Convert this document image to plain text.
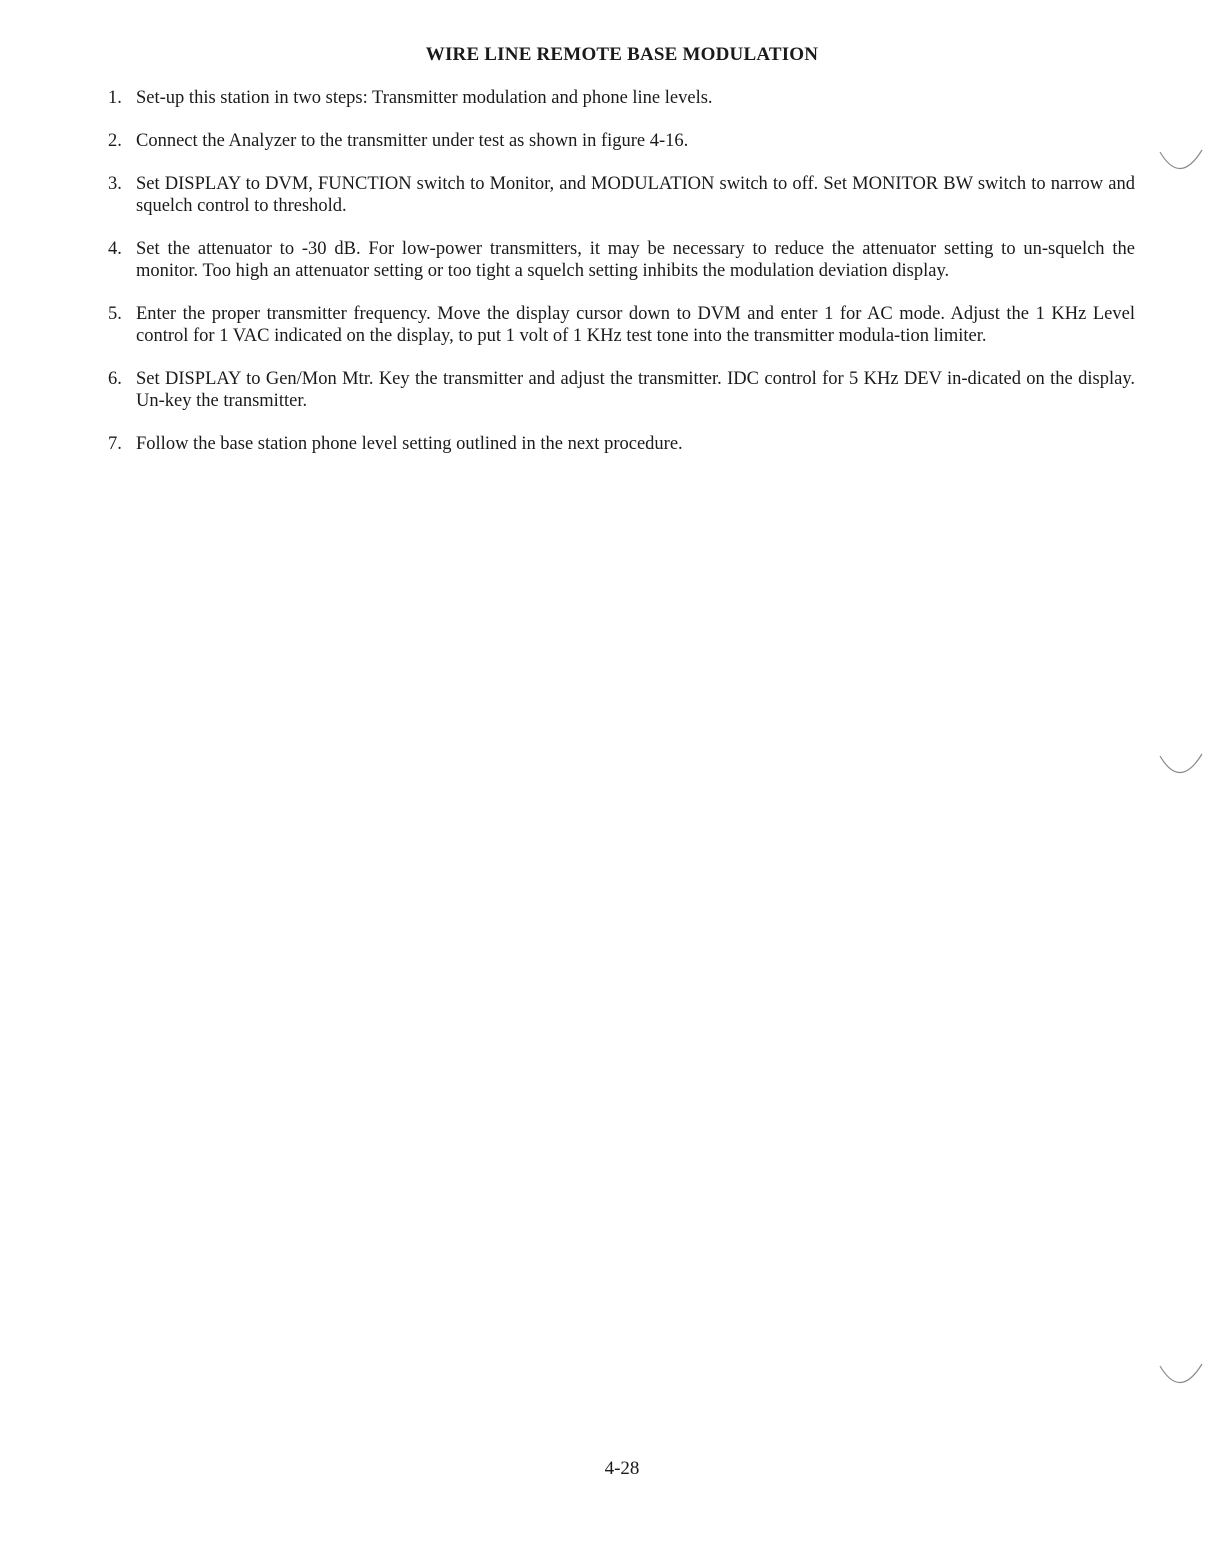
WIRE LINE REMOTE BASE MODULATION
1. Set-up this station in two steps: Transmitter modulation and phone line levels.
2. Connect the Analyzer to the transmitter under test as shown in figure 4-16.
3. Set DISPLAY to DVM, FUNCTION switch to Monitor, and MODULATION switch to off. Set MONITOR BW switch to narrow and squelch control to threshold.
4. Set the attenuator to -30 dB. For low-power transmitters, it may be necessary to reduce the attenuator setting to un-squelch the monitor. Too high an attenuator setting or too tight a squelch setting inhibits the modulation deviation display.
5. Enter the proper transmitter frequency. Move the display cursor down to DVM and enter 1 for AC mode. Adjust the 1 KHz Level control for 1 VAC indicated on the display, to put 1 volt of 1 KHz test tone into the transmitter modula-tion limiter.
6. Set DISPLAY to Gen/Mon Mtr. Key the transmitter and adjust the transmitter. IDC control for 5 KHz DEV in-dicated on the display. Un-key the transmitter.
7. Follow the base station phone level setting outlined in the next procedure.
4-28
